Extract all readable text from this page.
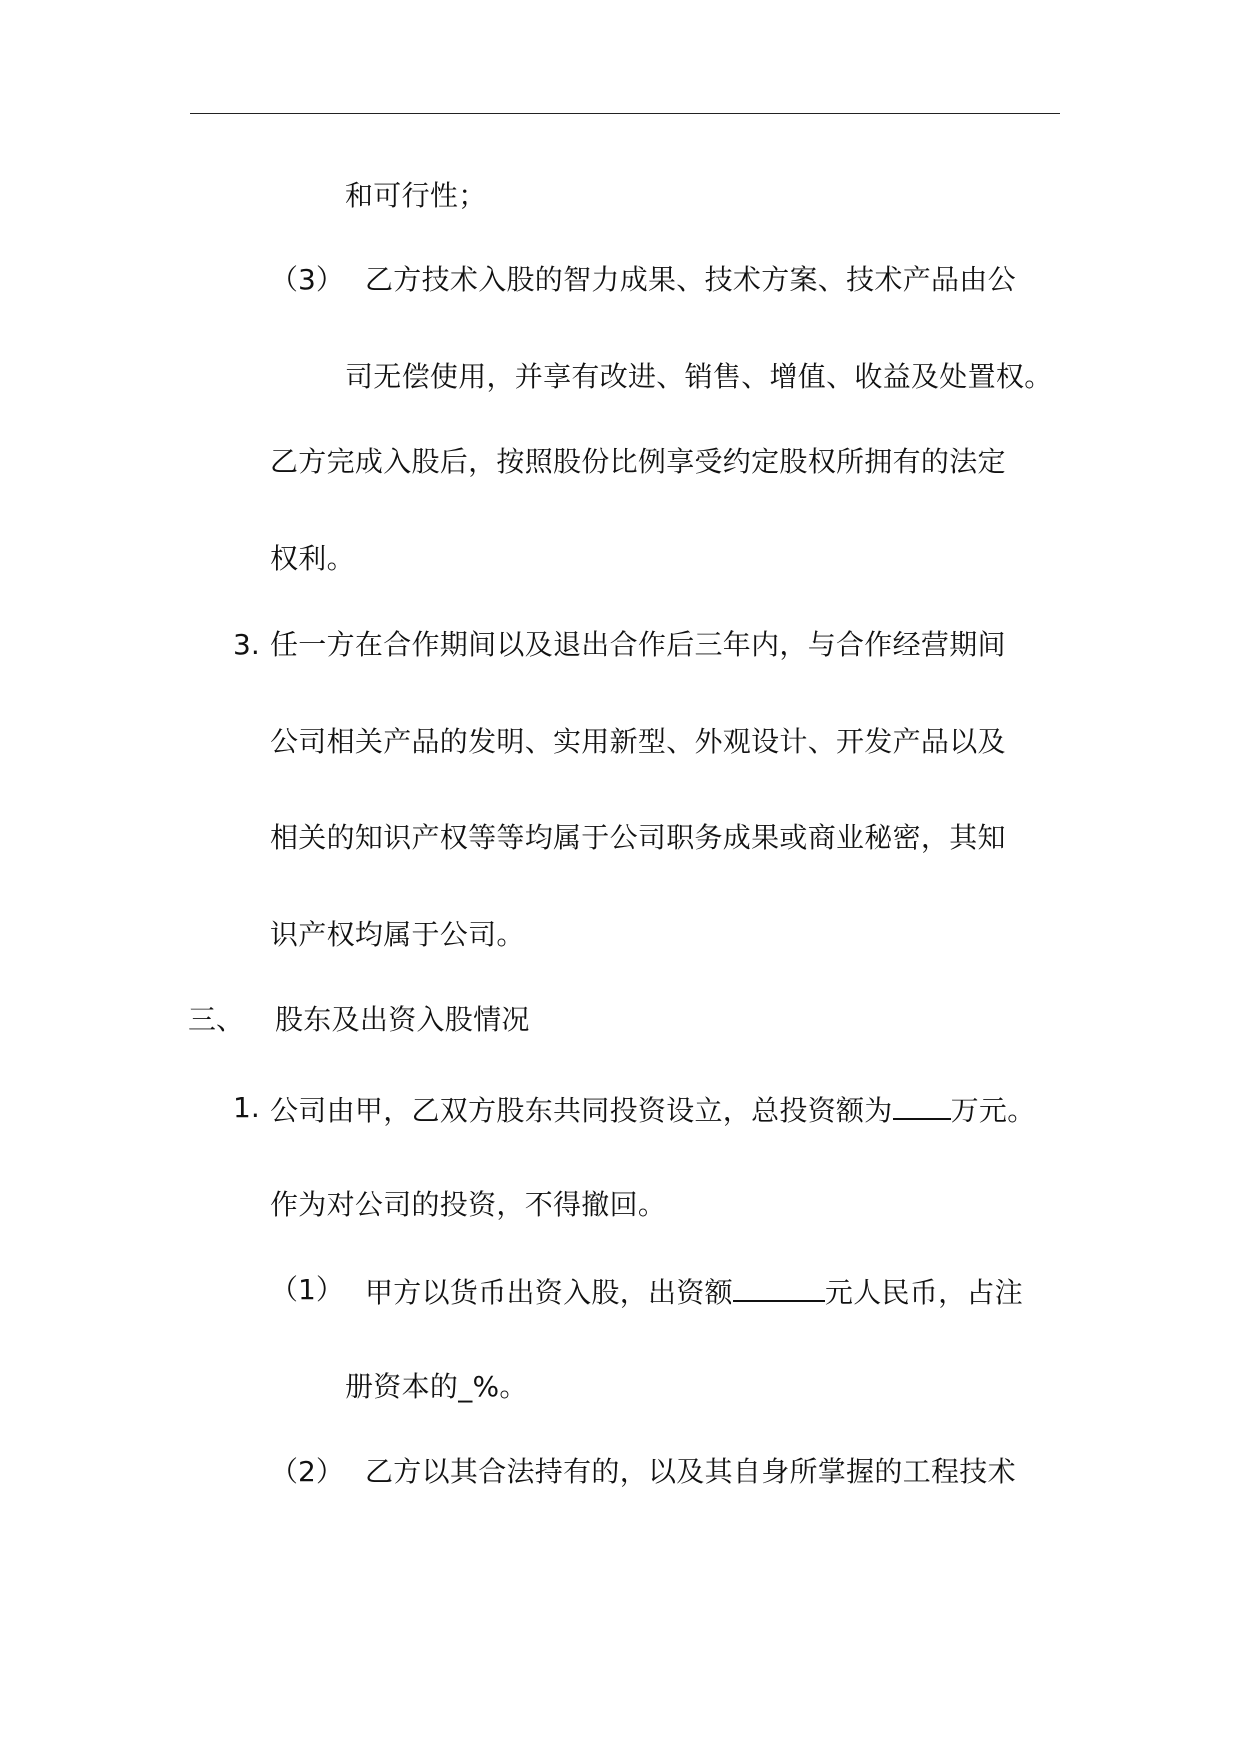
和可行性；
（3） 乙方技术入股的智力成果、技术方案、技术产品由公
司无偿使用，并享有改进、销售、增值、收益及处置权。
乙方完成入股后，按照股份比例享受约定股权所拥有的法定
权利。
3. 任一方在合作期间以及退出合作后三年内，与合作经营期间
公司相关产品的发明、实用新型、外观设计、开发产品以及
相关的知识产权等等均属于公司职务成果或商业秘密，其知
识产权均属于公司。
三、 股东及出资入股情况
1. 公司由甲，乙双方股东共同投资设立，总投资额为 万元。
作为对公司的投资，不得撤回。
（1） 甲方以货币出资入股，出资额	元人民币，占注
册资本的_%。
（2） 乙方以其合法持有的，以及其自身所掌握的工程技术
